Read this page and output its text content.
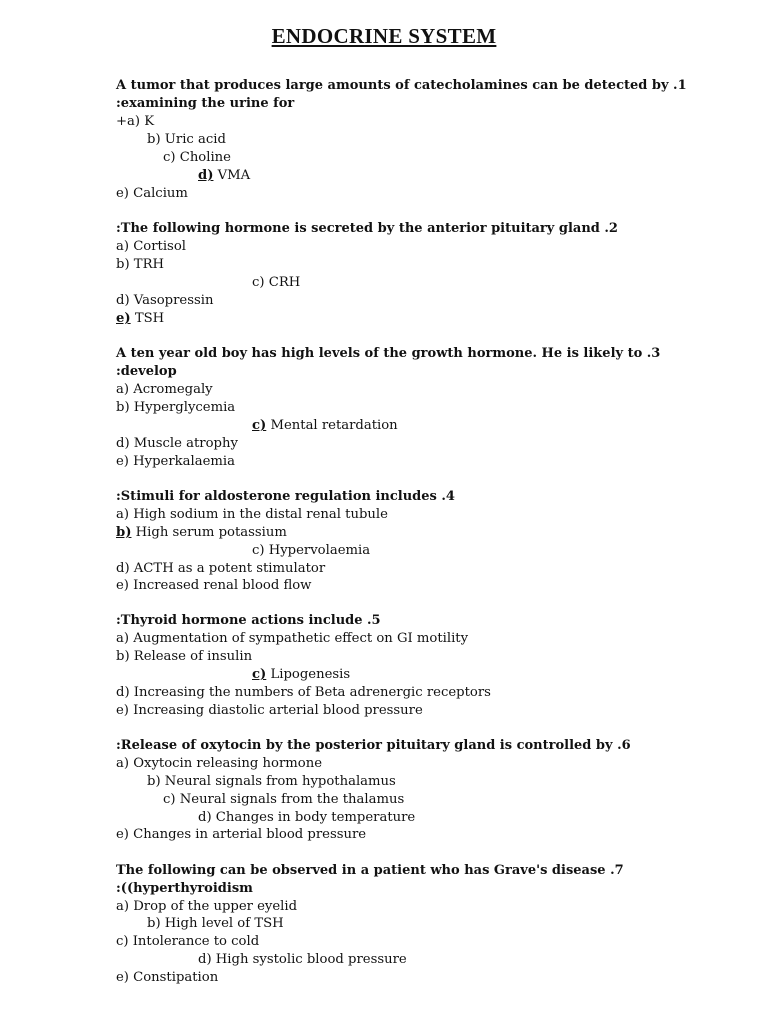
ENDOCRINE SYSTEM
A tumor that produces large amounts of catecholamines can be detected by .1
:examining the urine for
+a) K
b) Uric acid
c) Choline
d) VMA
e) Calcium
:The following hormone is secreted by the anterior pituitary gland .2
a) Cortisol
b) TRH
c) CRH
d) Vasopressin
e) TSH
A ten year old boy has high levels of the growth hormone. He is likely to .3
:develop
a) Acromegaly
b) Hyperglycemia
c) Mental retardation
d) Muscle atrophy
e) Hyperkalaemia
:Stimuli for aldosterone regulation includes .4
a) High sodium in the distal renal tubule
b) High serum potassium
c) Hypervolaemia
d) ACTH as a potent stimulator
e) Increased renal blood flow
:Thyroid hormone actions include .5
a) Augmentation of sympathetic effect on GI motility
b) Release of insulin
c) Lipogenesis
d) Increasing the numbers of Beta adrenergic receptors
e) Increasing diastolic arterial blood pressure
:Release of oxytocin by the posterior pituitary gland is controlled by .6
a) Oxytocin releasing hormone
b) Neural signals from hypothalamus
c) Neural signals from the thalamus
d) Changes in body temperature
e) Changes in arterial blood pressure
The following can be observed in a patient who has Grave's disease .7
:((hyperthyroidism
a) Drop of the upper eyelid
b) High level of TSH
c) Intolerance to cold
d) High systolic blood pressure
e) Constipation
